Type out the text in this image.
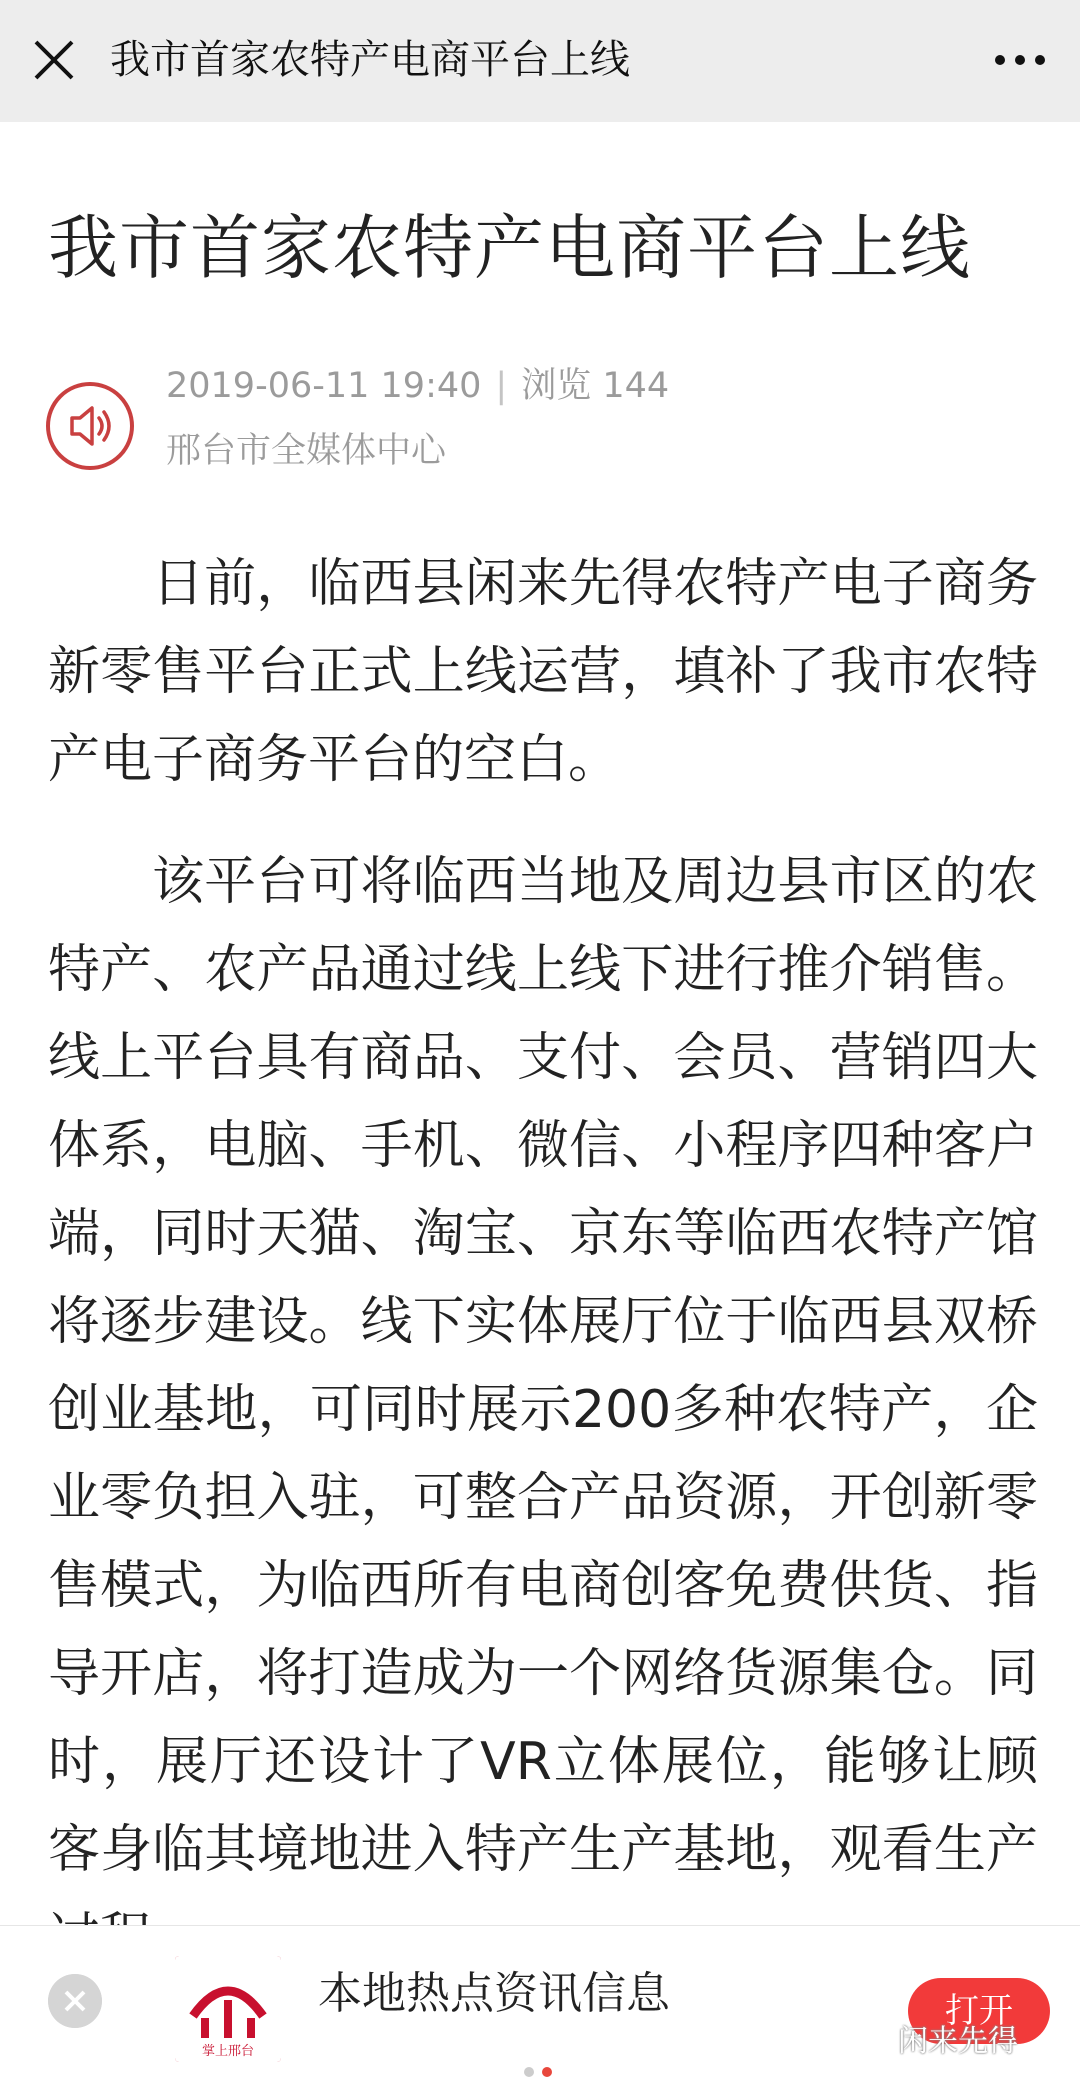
我市首家农特产电商平台上线
我市首家农特产电商平台上线
2019-06-11 19:40 | 浏览 144
邢台市全媒体中心

日前，临西县闲来先得农特产电子商务新零售平台正式上线运营，填补了我市农特产电子商务平台的空白。

该平台可将临西当地及周边县市区的农特产、农产品通过线上线下进行推介销售。线上平台具有商品、支付、会员、营销四大体系，电脑、手机、微信、小程序四种客户端，同时天猫、淘宝、京东等临西农特产馆将逐步建设。线下实体展厅位于临西县双桥创业基地，可同时展示200多种农特产，企业零负担入驻，可整合产品资源，开创新零售模式，为临西所有电商创客免费供货、指导开店，将打造成为一个网络货源集仓。同时，展厅还设计了VR立体展位，能够让顾客身临其境地进入特产生产基地，观看生产

掌上邢台
本地热点资讯信息	打开
闲来先得
